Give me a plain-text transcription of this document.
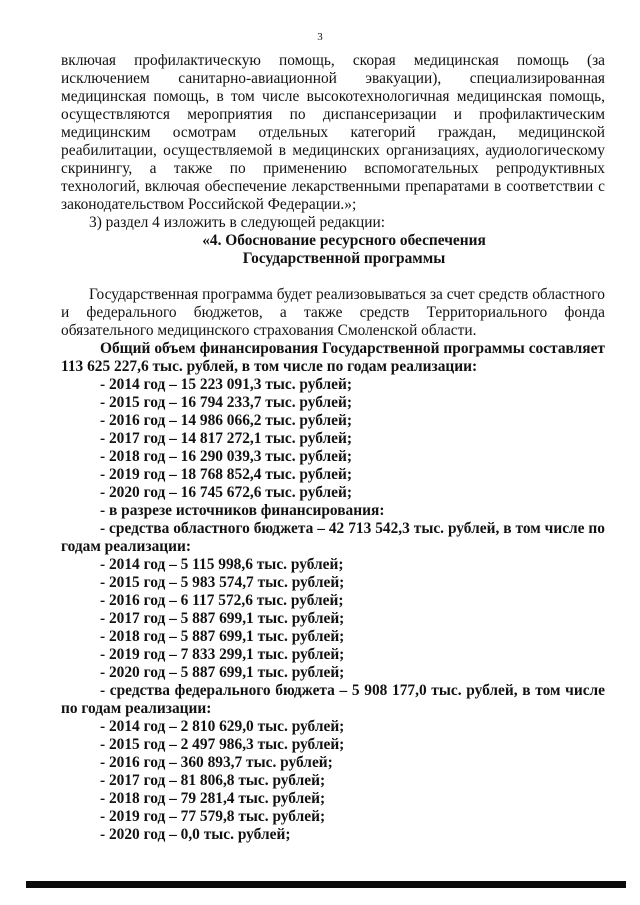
3

включая профилактическую помощь, скорая медицинская помощь (за исключением санитарно-авиационной эвакуации), специализированная медицинская помощь, в том числе высокотехнологичная медицинская помощь, осуществляются мероприятия по диспансеризации и профилактическим медицинским осмотрам отдельных категорий граждан, медицинской реабилитации, осуществляемой в медицинских организациях, аудиологическому скринингу, а также по применению вспомогательных репродуктивных технологий, включая обеспечение лекарственными препаратами в соответствии с законодательством Российской Федерации.»;

3) раздел 4 изложить в следующей редакции:

«4. Обоснование ресурсного обеспечения

Государственной программы

Государственная программа будет реализовываться за счет средств областного и федерального бюджетов, а также средств Территориального фонда обязательного медицинского страхования Смоленской области.

Общий объем финансирования Государственной программы составляет 113 625 227,6 тыс. рублей, в том числе по годам реализации:

- 2014 год – 15 223 091,3 тыс. рублей;

- 2015 год – 16 794 233,7 тыс. рублей;

- 2016 год – 14 986 066,2 тыс. рублей;

- 2017 год – 14 817 272,1 тыс. рублей;

- 2018 год – 16 290 039,3 тыс. рублей;

- 2019 год – 18 768 852,4 тыс. рублей;

- 2020 год – 16 745 672,6 тыс. рублей;

- в разрезе источников финансирования:

- средства областного бюджета – 42 713 542,3 тыс. рублей, в том числе по годам реализации:

- 2014 год – 5 115 998,6 тыс. рублей;

- 2015 год – 5 983 574,7 тыс. рублей;

- 2016 год – 6 117 572,6 тыс. рублей;

- 2017 год – 5 887 699,1 тыс. рублей;

- 2018 год – 5 887 699,1 тыс. рублей;

- 2019 год – 7 833 299,1 тыс. рублей;

- 2020 год – 5 887 699,1 тыс. рублей;

- средства федерального бюджета – 5 908 177,0 тыс. рублей, в том числе по годам реализации:

- 2014 год – 2 810 629,0 тыс. рублей;

- 2015 год – 2 497 986,3 тыс. рублей;

- 2016 год – 360 893,7 тыс. рублей;

- 2017 год – 81 806,8 тыс. рублей;

- 2018 год – 79 281,4 тыс. рублей;

- 2019 год – 77 579,8 тыс. рублей;

- 2020 год – 0,0 тыс. рублей;
